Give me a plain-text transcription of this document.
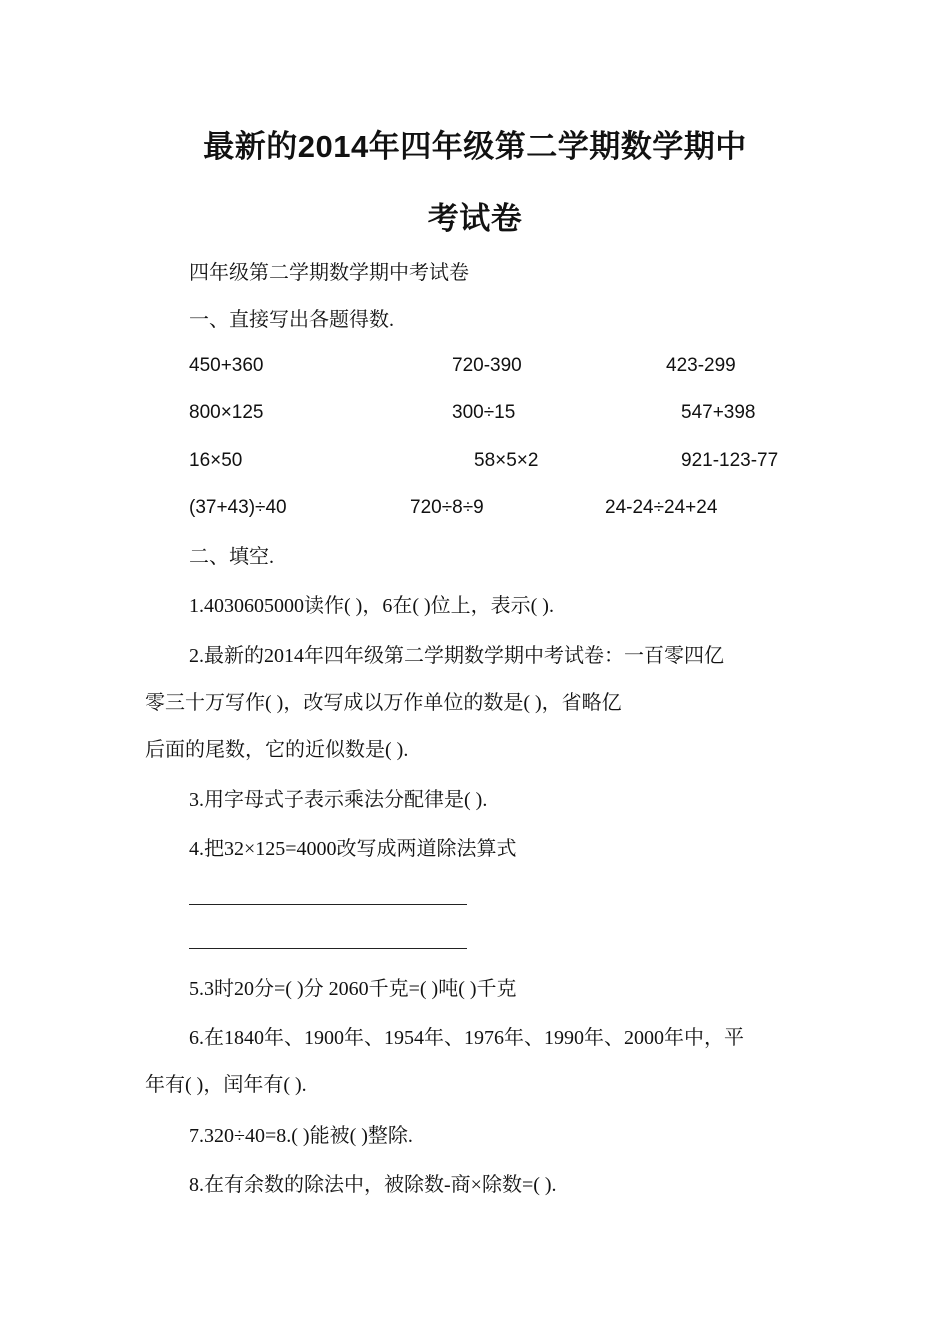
最新的2014年四年级第二学期数学期中
考试卷
四年级第二学期数学期中考试卷
一、直接写出各题得数.
450+360	720-390	423-299
800×125	300÷15	547+398
16×50	58×5×2	921-123-77
(37+43)÷40	720÷8÷9	24-24÷24+24
二、填空.
1.4030605000读作( )，6在( )位上，表示( ).
2.最新的2014年四年级第二学期数学期中考试卷：一百零四亿
零三十万写作( )，改写成以万作单位的数是( )，省略亿
后面的尾数，它的近似数是( ).
3.用字母式子表示乘法分配律是( ).
4.把32×125=4000改写成两道除法算式
5.3时20分=( )分 2060千克=( )吨( )千克
6.在1840年、1900年、1954年、1976年、1990年、2000年中，平
年有( )，闰年有( ).
7.320÷40=8.( )能被( )整除.
8.在有余数的除法中，被除数-商×除数=( ).
